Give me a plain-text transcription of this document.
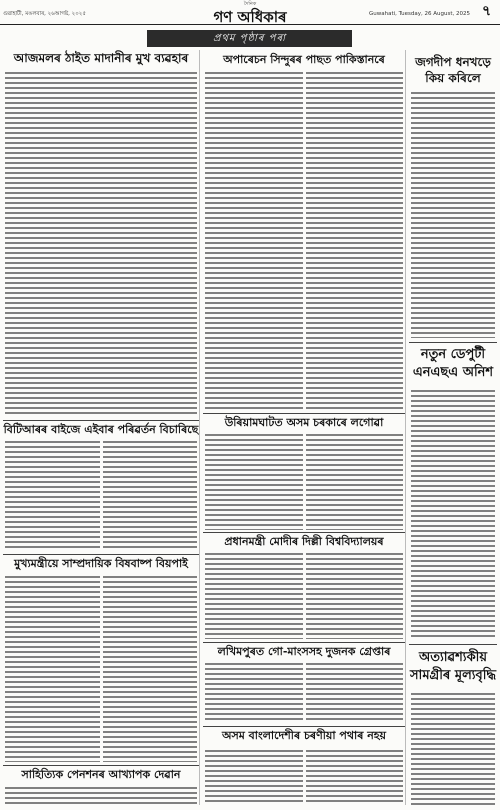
গুৱাহাটী, মঙলবাৰ, ২৬আগষ্ট, ২০২৫
দৈনিক
গণ অধিকাৰ	Guwahati, Tuesday, 26 August, 2025 ৭
প্ৰথম পৃষ্ঠাৰ পৰা
আজমলৰ ঠাইত মাদানীৰ মুখ ব্যৱহাৰ
বিটিআৰৰ বাইজে এইবাৰ পৰিৱৰ্তন বিচাৰিছে
মুখ্যমন্ত্ৰীয়ে সাম্প্ৰদায়িক বিষবাষ্প বিয়পাই
সাহিত্যিক পেনশনৰ আখ্যাপক দেৱান
অপাৰেচন সিন্দুৰৰ পাছত পাকিস্তানৰে
উৰিয়ামঘাটত অসম চৰকাৰে লগোৱা
প্ৰধানমন্ত্ৰী মোদীৰ দিল্লী বিশ্ববিদ্যালয়ৰ
লখিমপুৰত গো-মাংসসহ দুজনক গ্ৰেপ্তাৰ
অসম বাংলাদেশীৰ চৰণীয়া পথাৰ নহয়
জগদীপ ধনখড়ে কিয় কৰিলে
নতুন ডেপুটী এনএছএ অনিশ
অত্যাৱশ্যকীয় সামগ্ৰীৰ মূল্যবৃদ্ধি
